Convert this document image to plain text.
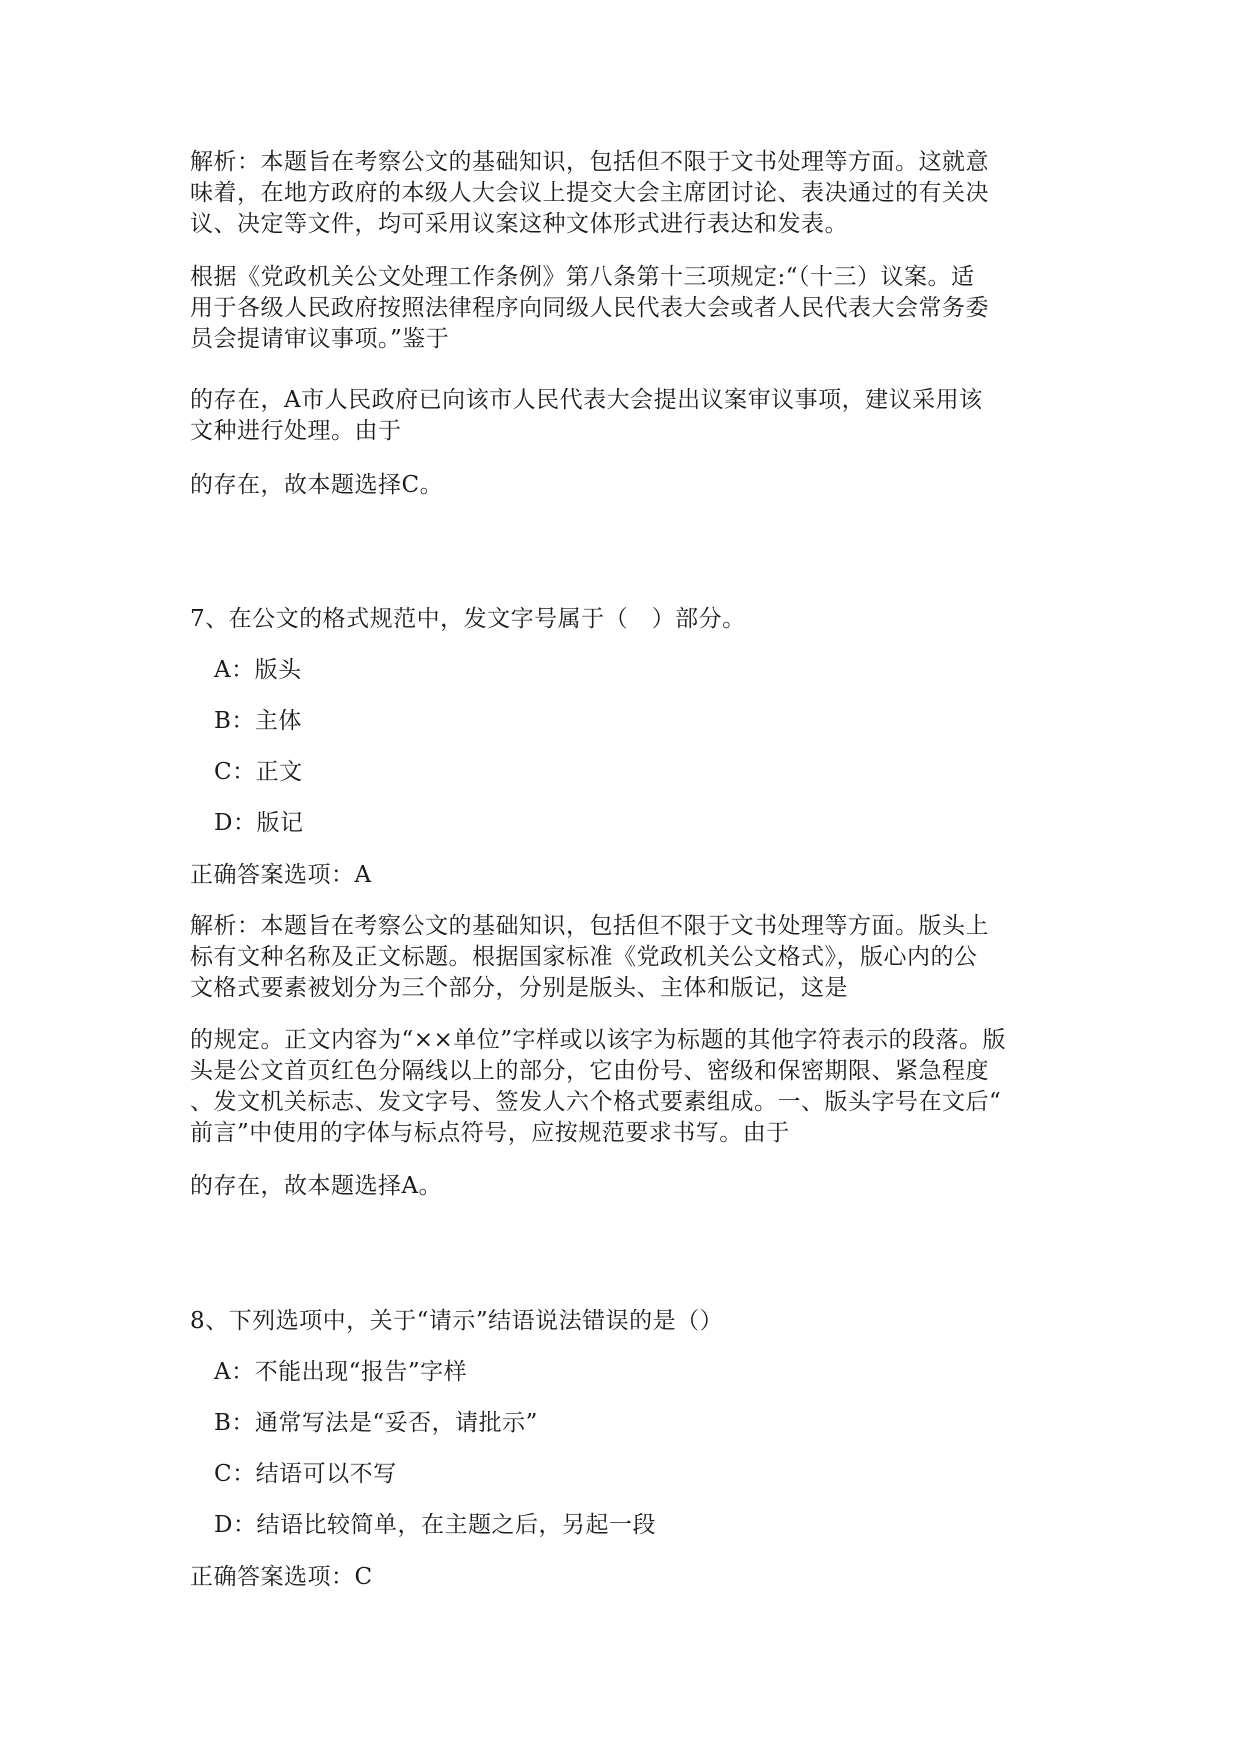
解析：本题旨在考察公文的基础知识，包括但不限于文书处理等方面。这就意
味着，在地方政府的本级人大会议上提交大会主席团讨论、表决通过的有关决
议、决定等文件，均可采用议案这种文体形式进行表达和发表。
根据《党政机关公文处理工作条例》第八条第十三项规定:“（十三）议案。适
用于各级人民政府按照法律程序向同级人民代表大会或者人民代表大会常务委
员会提请审议事项。”鉴于
的存在，A市人民政府已向该市人民代表大会提出议案审议事项，建议采用该
文种进行处理。由于
的存在，故本题选择C。
7、在公文的格式规范中，发文字号属于（　）部分。
A：版头
B：主体
C：正文
D：版记
正确答案选项：A
解析：本题旨在考察公文的基础知识，包括但不限于文书处理等方面。版头上
标有文种名称及正文标题。根据国家标准《党政机关公文格式》，版心内的公
文格式要素被划分为三个部分，分别是版头、主体和版记，这是
的规定。正文内容为“××单位”字样或以该字为标题的其他字符表示的段落。版
头是公文首页红色分隔线以上的部分，它由份号、密级和保密期限、紧急程度
、发文机关标志、发文字号、签发人六个格式要素组成。一、版头字号在文后“
前言”中使用的字体与标点符号，应按规范要求书写。由于
的存在，故本题选择A。
8、下列选项中，关于“请示”结语说法错误的是（）
A：不能出现“报告”字样
B：通常写法是“妥否，请批示”
C：结语可以不写
D：结语比较简单，在主题之后，另起一段
正确答案选项：C
